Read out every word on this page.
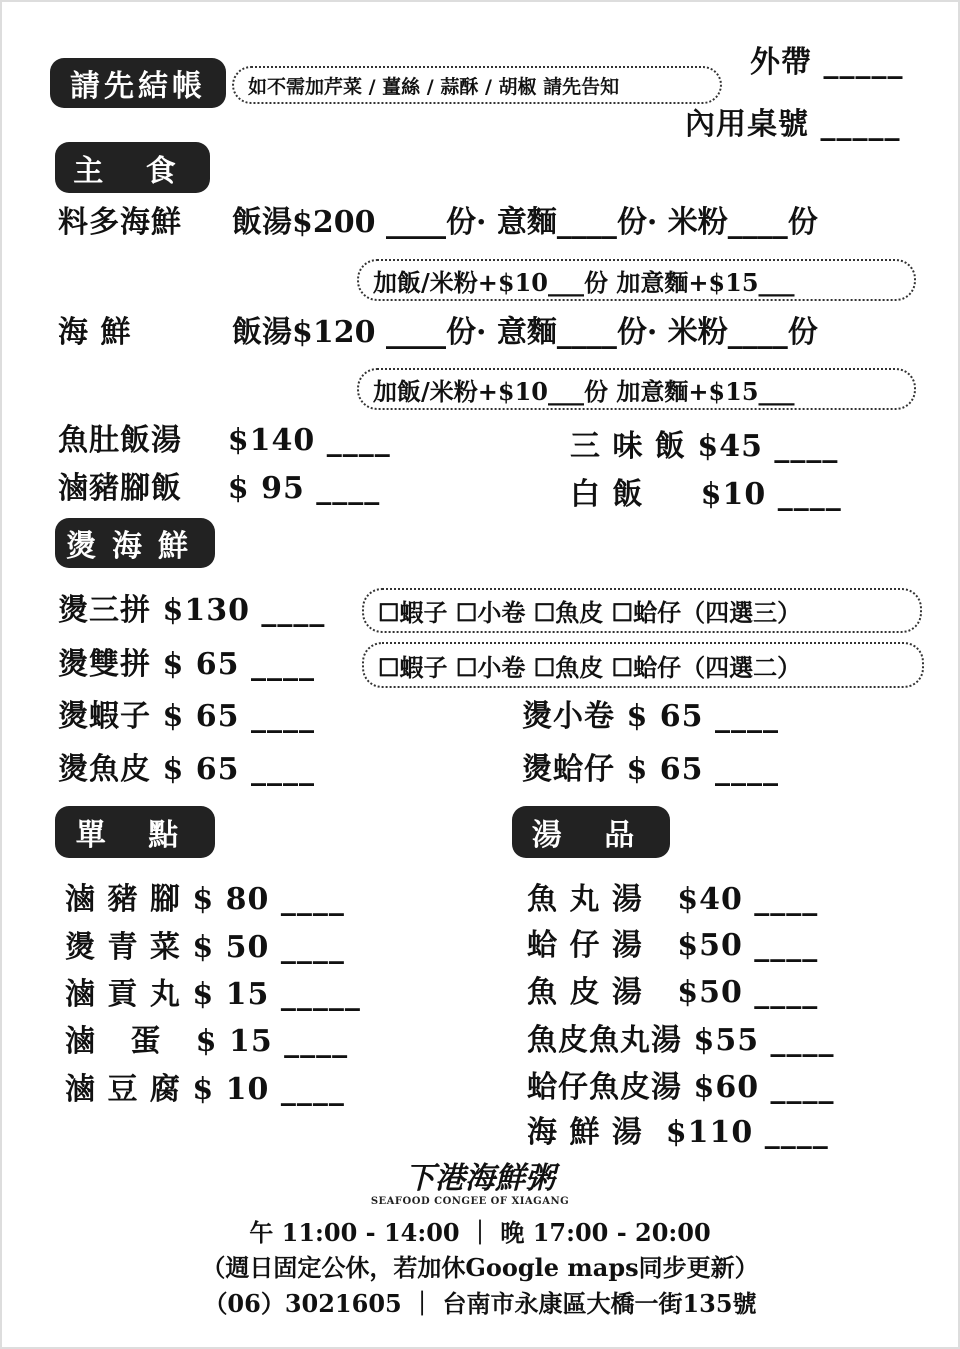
請先結帳	如不需加芹菜 / 薑絲 / 蒜酥 / 胡椒 請先告知
外帶 _____
內用桌號 _____
主 食
料多海鮮 飯湯$200 ____份· 意麵____份· 米粉____份
加飯/米粉+$10___份 加意麵+$15___
海 鮮	飯湯$120 ____份· 意麵____份· 米粉____份
加飯/米粉+$10___份 加意麵+$15___
魚肚飯湯    $140 ____	三 味 飯 $45 ____
滷豬腳飯    $ 95 ____	白 飯     $10 ____
燙海鮮
燙三拼 $130 ____	☐蝦子 ☐小卷 ☐魚皮 ☐蛤仔（四選三）
燙雙拼 $ 65 ____	☐蝦子 ☐小卷 ☐魚皮 ☐蛤仔（四選二）
燙蝦子 $ 65 ____	燙小卷 $ 65 ____
燙魚皮 $ 65 ____	燙蛤仔 $ 65 ____
單 點	湯 品
滷 豬 腳 $ 80 ____
燙 青 菜 $ 50 ____
滷 貢 丸 $ 15 _____
滷   蛋   $ 15 ____
滷 豆 腐 $ 10 ____
魚 丸 湯   $40 ____
蛤 仔 湯   $50 ____
魚 皮 湯   $50 ____
魚皮魚丸湯 $55 ____
蛤仔魚皮湯 $60 ____
海 鮮 湯  $110 ____
下港海鮮粥
SEAFOOD CONGEE OF XIAGANG
午 11:00 - 14:00 ｜ 晚 17:00 - 20:00
（週日固定公休，若加休Google maps同步更新）
（06）3021605 ｜ 台南市永康區大橋一街135號
